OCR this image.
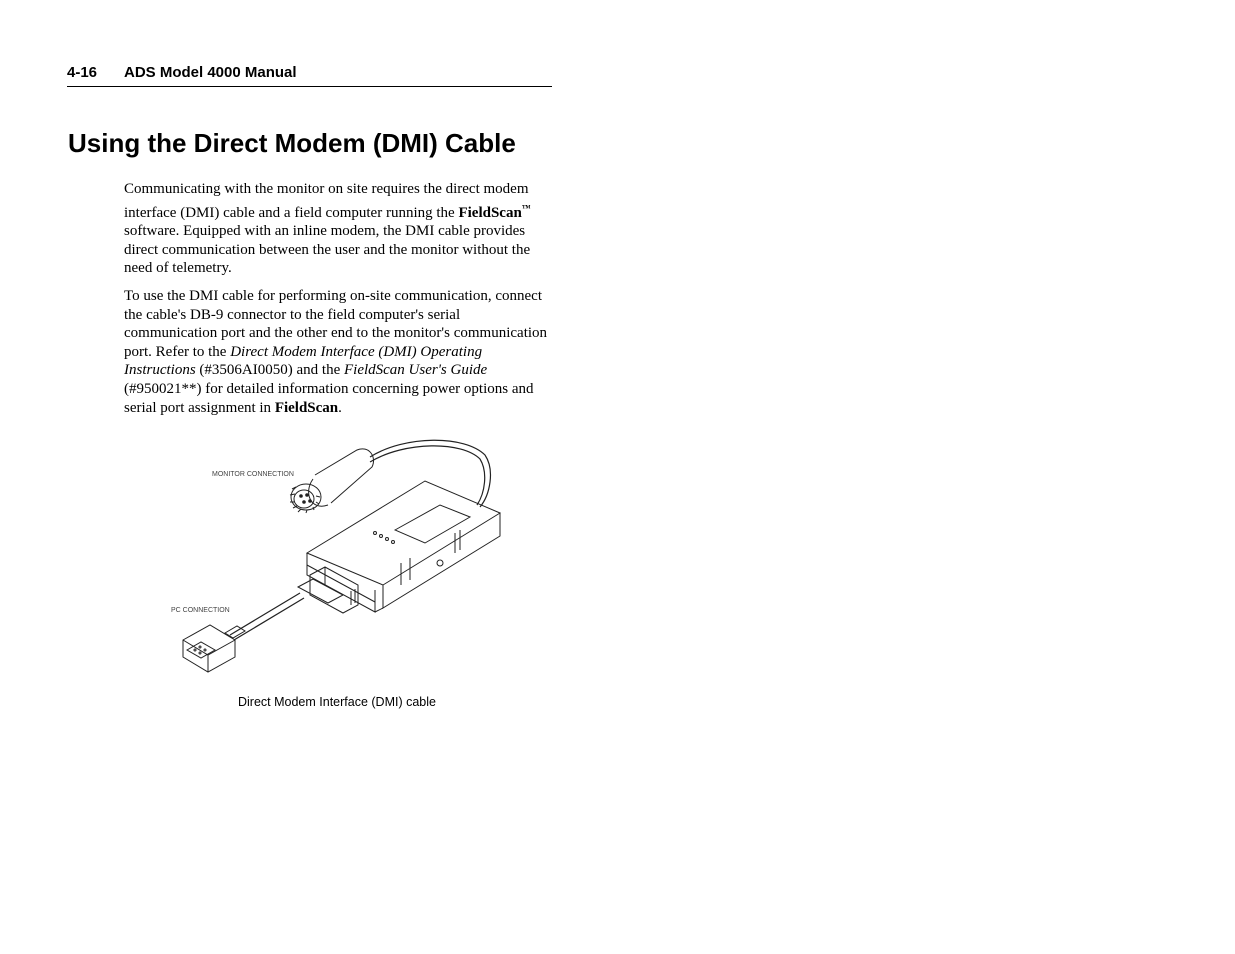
4-16 ADS Model 4000 Manual
Using the Direct Modem (DMI) Cable

Communicating with the monitor on site requires the direct modem interface (DMI) cable and a field computer running the FieldScan™ software. Equipped with an inline modem, the DMI cable provides direct communication between the user and the monitor without the need of telemetry.

To use the DMI cable for performing on-site communication, connect the cable's DB-9 connector to the field computer's serial communication port and the other end to the monitor's communication port. Refer to the Direct Modem Interface (DMI) Operating Instructions (#3506AI0050) and the FieldScan User's Guide (#950021**) for detailed information concerning power options and serial port assignment in FieldScan.

MONITOR CONNECTION
PC CONNECTION
Direct Modem Interface (DMI) cable
